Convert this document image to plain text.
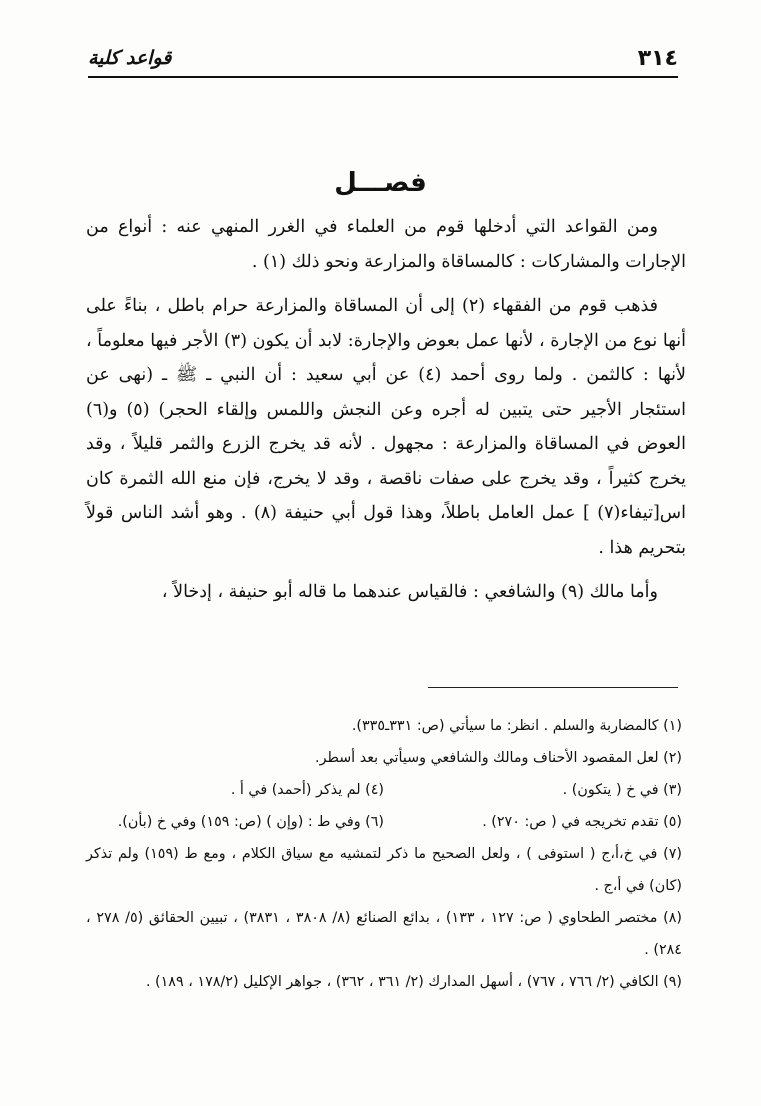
٣١٤
قواعد كلية
فصـــل

ومن القواعد التي أدخلها قوم من العلماء في الغرر المنهي عنه : أنواع من الإجارات والمشاركات : كالمساقاة والمزارعة ونحو ذلك (١) .

فذهب قوم من الفقهاء (٢) إلى أن المساقاة والمزارعة حرام باطل ، بناءً على أنها نوع من الإجارة ، لأنها عمل بعوض والإجارة: لابد أن يكون (٣) الأجر فيها معلوماً ، لأنها : كالثمن . ولما روى أحمد (٤) عن أبي سعيد : أن النبي ـ ﷺ ـ (نهى عن استئجار الأجير حتى يتبين له أجره وعن النجش واللمس وإلقاء الحجر) (٥) و(٦) العوض في المساقاة والمزارعة : مجهول . لأنه قد يخرج الزرع والثمر قليلاً ، وقد يخرج كثيراً ، وقد يخرج على صفات ناقصة ، وقد لا يخرج، فإن منع الله الثمرة كان اس[تيفاء(٧) ] عمل العامل باطلاً، وهذا قول أبي حنيفة (٨) . وهو أشد الناس قولاً بتحريم هذا .

وأما مالك (٩) والشافعي : فالقياس عندهما ما قاله أبو حنيفة ، إدخالاً ،

(١) كالمضاربة والسلم . انظر: ما سيأتي (ص: ٣٣١ـ٣٣٥).
(٢) لعل المقصود الأحناف ومالك والشافعي وسيأتي بعد أسطر.
(٣) في خ ( يتكون) .
(٤) لم يذكر (أحمد) في أ .
(٥) تقدم تخريجه في ( ص: ٢٧٠) .
(٦) وفي ط : (وإن ) (ص: ١٥٩) وفي خ (بأن).
(٧) في خ،أ،ج ( استوفى ) ، ولعل الصحيح ما ذكر لتمشيه مع سياق الكلام ، ومع ط (١٥٩) ولم تذكر (كان) في أ،ج .
(٨) مختصر الطحاوي ( ص: ١٢٧ ، ١٣٣) ، بدائع الصنائع (٨/ ٣٨٠٨ ، ٣٨٣١) ، تبيين الحقائق (٥/ ٢٧٨ ، ٢٨٤) .
(٩) الكافي (٢/ ٧٦٦ ، ٧٦٧) ، أسهل المدارك (٢/ ٣٦١ ، ٣٦٢) ، جواهر الإكليل (١٧٨/٢ ، ١٨٩) .
